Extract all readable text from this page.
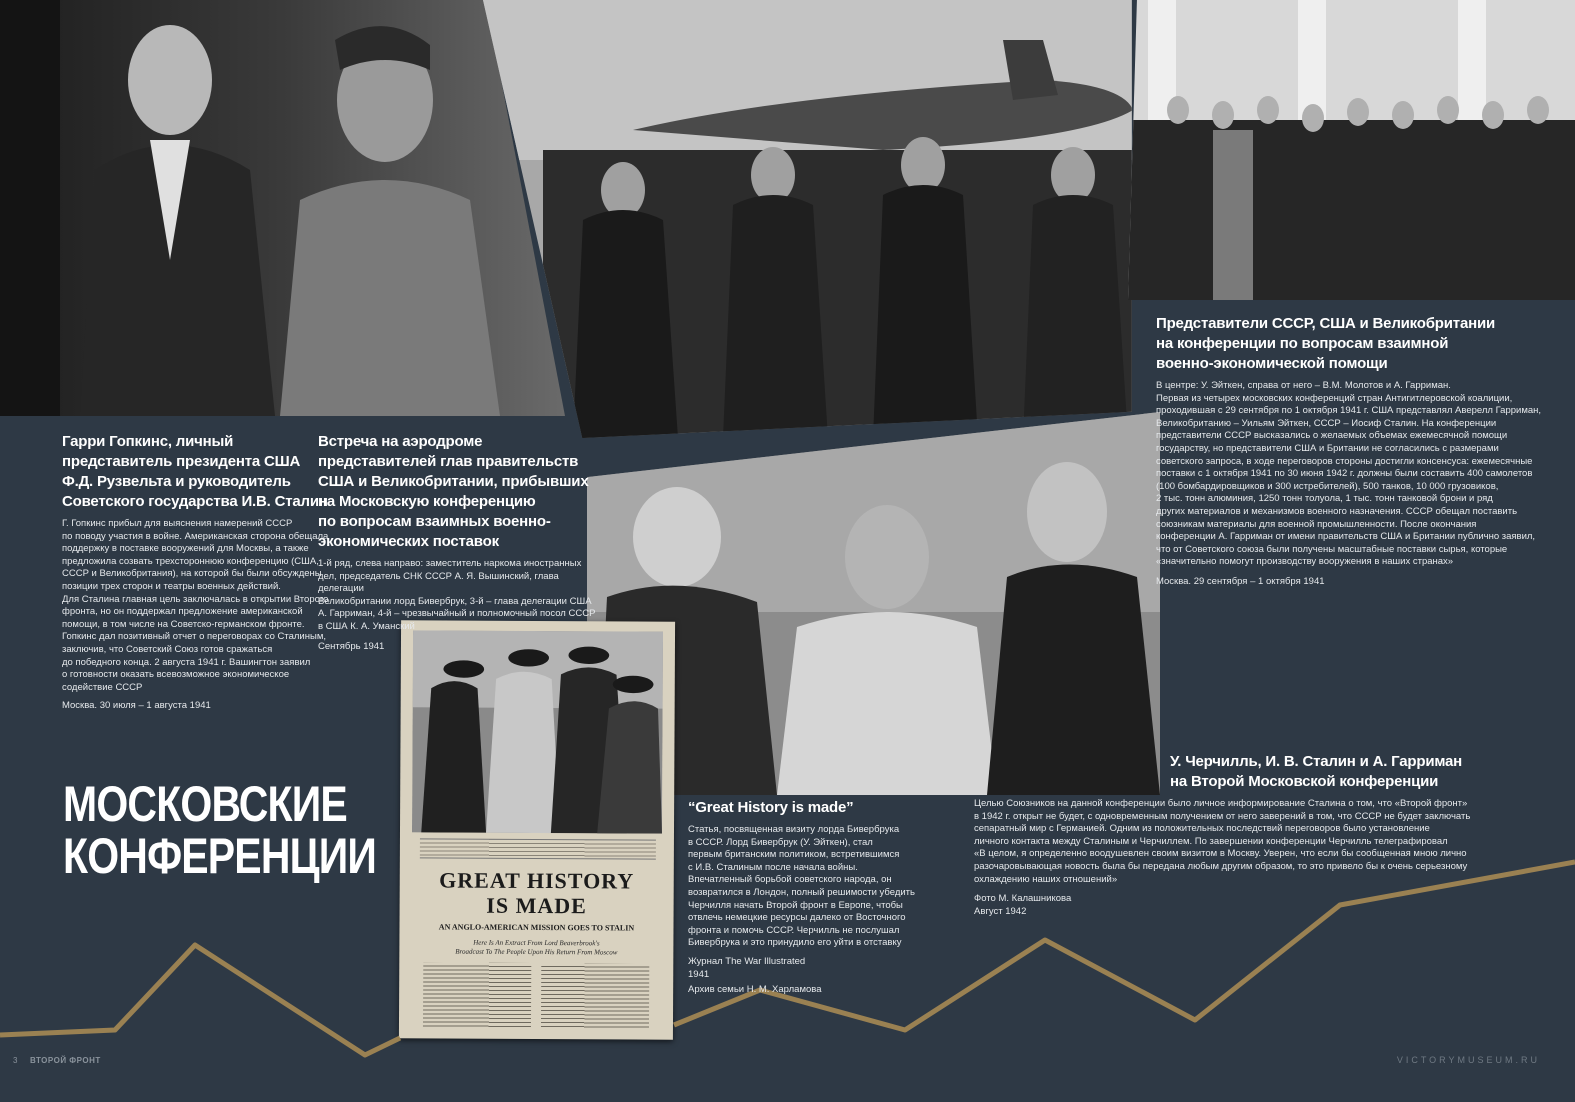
GREAT HISTORY
IS MADE
AN ANGLO-AMERICAN MISSION GOES TO STALIN
Here Is An Extract From Lord Beaverbrook's
Broadcast To The People Upon His Return From Moscow
Гарри Гопкинс, личный
представитель президента США
Ф.Д. Рузвельта и руководитель
Советского государства И.В. Сталин
Г. Гопкинс прибыл для выяснения намерений СССР
по поводу участия в войне. Американская сторона обещала
поддержку в поставке вооружений для Москвы, а также
предложила созвать трехстороннюю конференцию (США,
СССР и Великобритания), на которой бы были обсуждены
позиции трех сторон и театры военных действий.
Для Сталина главная цель заключалась в открытии Второго
фронта, но он поддержал предложение американской
помощи, в том числе на Советско-германском фронте.
Гопкинс дал позитивный отчет о переговорах со Сталиным,
заключив, что Советский Союз готов сражаться
до победного конца. 2 августа 1941 г. Вашингтон заявил
о готовности оказать всевозможное экономическое
содействие СССР
Москва. 30 июля – 1 августа 1941
Встреча на аэродроме
представителей глав правительств
США и Великобритании, прибывших
на Московскую конференцию
по вопросам взаимных военно-
экономических поставок
1-й ряд, слева направо: заместитель наркома иностранных
дел, председатель СНК СССР А. Я. Вышинский, глава делегации
Великобритании лорд Бивербрук, 3-й – глава делегации США
А. Гарриман, 4-й – чрезвычайный и полномочный посол СССР
в США К. А. Уманский
Сентябрь 1941
Представители СССР, США и Великобритании
на конференции по вопросам взаимной
военно-экономической помощи
В центре: У. Эйткен, справа от него – В.М. Молотов и А. Гарриман.
Первая из четырех московских конференций стран Антигитлеровской коалиции,
проходившая с 29 сентября по 1 октября 1941 г. США представлял Аверелл Гарриман,
Великобританию – Уильям Эйткен, СССР – Иосиф Сталин. На конференции
представители СССР высказались о желаемых объемах ежемесячной помощи
государству, но представители США и Британии не согласились с размерами
советского запроса, в ходе переговоров стороны достигли консенсуса: ежемесячные
поставки с 1 октября 1941 по 30 июня 1942 г. должны были составить 400 самолетов
(100 бомбардировщиков и 300 истребителей), 500 танков, 10 000 грузовиков,
2 тыс. тонн алюминия, 1250 тонн толуола, 1 тыс. тонн танковой брони и ряд
других материалов и механизмов военного назначения. СССР обещал поставить
союзникам материалы для военной промышленности. После окончания
конференции А. Гарриман от имени правительств США и Британии публично заявил,
что от Советского союза были получены масштабные поставки сырья, которые
«значительно помогут производству вооружения в наших странах»
Москва. 29 сентября – 1 октября 1941
У. Черчилль, И. В. Сталин и А. Гарриман
на Второй Московской конференции
Целью Союзников на данной конференции было личное информирование Сталина о том, что «Второй фронт»
в 1942 г. открыт не будет, с одновременным получением от него заверений в том, что СССР не будет заключать
сепаратный мир с Германией. Одним из положительных последствий переговоров было установление
личного контакта между Сталиным и Черчиллем. По завершении конференции Черчилль телеграфировал
«В целом, я определенно воодушевлен своим визитом в Москву. Уверен, что если бы сообщенная мною лично
разочаровывающая новость была бы передана любым другим образом, то это привело бы к очень серьезному
охлаждению наших отношений»
Фото М. Калашникова
Август 1942
“Great History is made”
Статья, посвященная визиту лорда Бивербрука
в СССР. Лорд Бивербрук (У. Эйткен), стал
первым британским политиком, встретившимся
с И.В. Сталиным после начала войны.
Впечатленный борьбой советского народа, он
возвратился в Лондон, полный решимости убедить
Черчилля начать Второй фронт в Европе, чтобы
отвлечь немецкие ресурсы далеко от Восточного
фронта и помочь СССР. Черчилль не послушал
Бивербрука и это принудило его уйти в отставку
Журнал The War Illustrated
1941
Архив семьи Н. М. Харламова
МОСКОВСКИЕ
КОНФЕРЕНЦИИ
3 ВТОРОЙ ФРОНТ	VICTORYMUSEUM.RU
